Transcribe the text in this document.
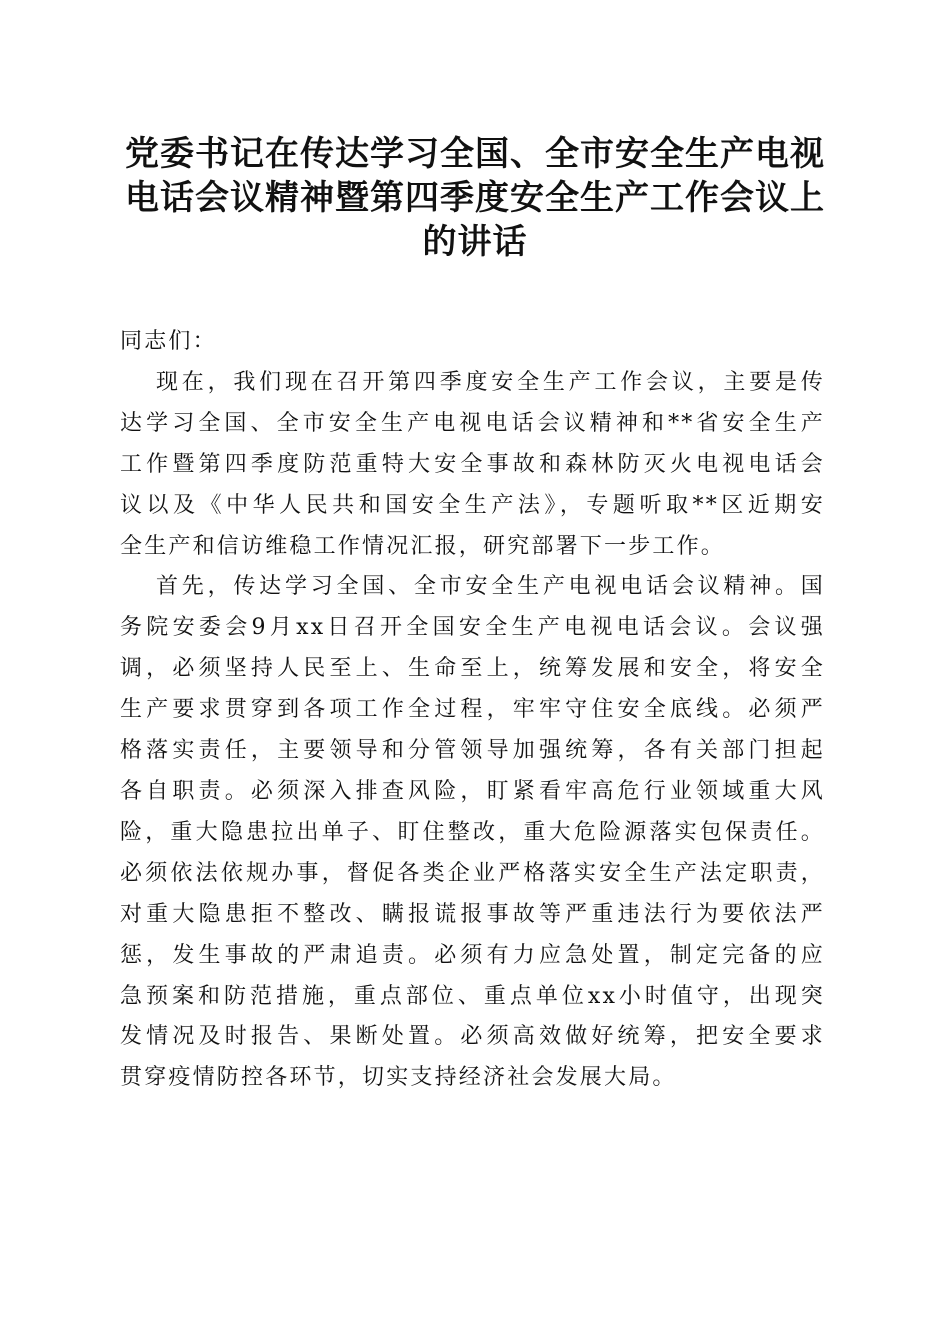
党委书记在传达学习全国、全市安全生产电视
电话会议精神暨第四季度安全生产工作会议上
的讲话
同志们：
现在，我们现在召开第四季度安全生产工作会议，主要是传
达学习全国、全市安全生产电视电话会议精神和**省安全生产
工作暨第四季度防范重特大安全事故和森林防灭火电视电话会
议以及《中华人民共和国安全生产法》，专题听取**区近期安
全生产和信访维稳工作情况汇报，研究部署下一步工作。
首先，传达学习全国、全市安全生产电视电话会议精神。国
务院安委会9月xx日召开全国安全生产电视电话会议。会议强
调，必须坚持人民至上、生命至上，统筹发展和安全，将安全
生产要求贯穿到各项工作全过程，牢牢守住安全底线。必须严
格落实责任，主要领导和分管领导加强统筹，各有关部门担起
各自职责。必须深入排查风险，盯紧看牢高危行业领域重大风
险，重大隐患拉出单子、盯住整改，重大危险源落实包保责任。
必须依法依规办事，督促各类企业严格落实安全生产法定职责，
对重大隐患拒不整改、瞒报谎报事故等严重违法行为要依法严
惩，发生事故的严肃追责。必须有力应急处置，制定完备的应
急预案和防范措施，重点部位、重点单位xx小时值守，出现突
发情况及时报告、果断处置。必须高效做好统筹，把安全要求
贯穿疫情防控各环节，切实支持经济社会发展大局。
